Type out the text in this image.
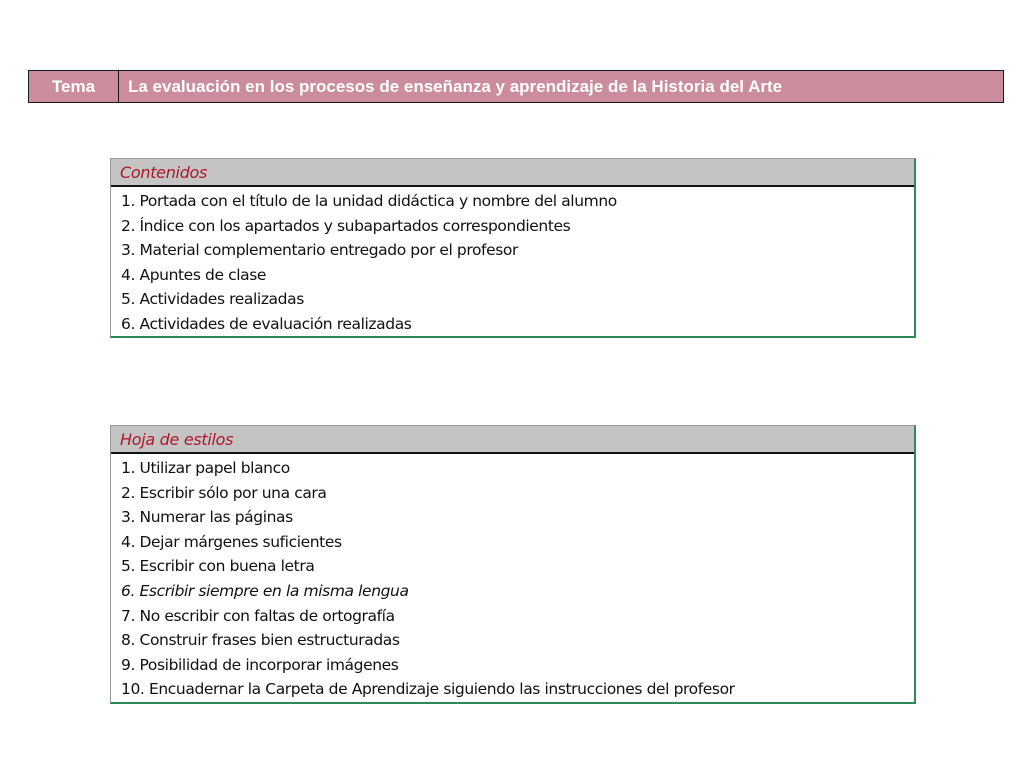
Tema	La evaluación en los procesos de enseñanza y aprendizaje de la Historia del Arte
Contenidos
1. Portada con el título de la unidad didáctica y nombre del alumno
2. Índice con los apartados y subapartados correspondientes
3. Material complementario entregado por el profesor
4. Apuntes de clase
5. Actividades realizadas
6. Actividades de evaluación realizadas
Hoja de estilos
1. Utilizar papel blanco
2. Escribir sólo por una cara
3. Numerar las páginas
4. Dejar márgenes suficientes
5. Escribir con buena letra
6. Escribir siempre en la misma lengua
7. No escribir con faltas de ortografía
8. Construir frases bien estructuradas
9. Posibilidad de incorporar imágenes
10. Encuadernar la Carpeta de Aprendizaje siguiendo las instrucciones del profesor
